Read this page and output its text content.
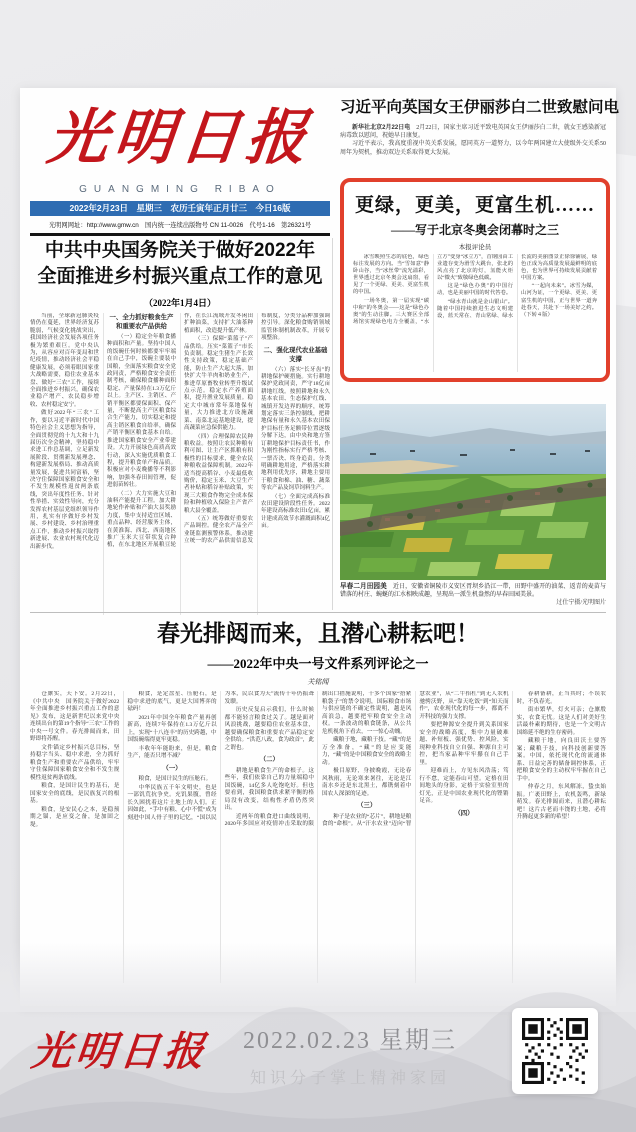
光明日报
GUANGMING RIBAO
2022年2月23日　星期三　农历壬寅年正月廿三　今日16版
光明网网址：http://www.gmw.cn　国内统一连续出版物号 CN 11-0026　代号1-16　第26321号
中共中央国务院关于做好2022年
全面推进乡村振兴重点工作的意见
（2022年1月4日）

当前，全球新冠肺炎疫情仍在蔓延，世界经济复苏脆弱，气候变化挑战突出，我国经济社会发展各项任务极为繁重艰巨。党中央认为，从容应对百年变局和世纪疫情，推动经济社会平稳健康发展，必须着眼国家重大战略需要，稳住农业基本盘、做好“三农”工作，接续全面推进乡村振兴，确保农业稳产增产、农民稳步增收、农村稳定安宁。

做好2022年“三农”工作，要以习近平新时代中国特色社会主义思想为指导，全面贯彻党的十九大和十九届历次全会精神，坚持稳中求进工作总基调，立足新发展阶段、贯彻新发展理念、构建新发展格局、推动高质量发展，促进共同富裕，坚决守住保障国家粮食安全和不发生规模性返贫两条底线，突出年度性任务、针对性举措、实效性导向，充分发挥农村基层党组织领导作用，扎实有序做好乡村发展、乡村建设、乡村治理重点工作，推动乡村振兴取得新进展、农业农村现代化迈出新步伐。

一、全力抓好粮食生产和重要农产品供给

（一）稳定全年粮食播种面积和产量。坚持中国人的饭碗任何时候都要牢牢端在自己手中，饭碗主要装中国粮，全面落实粮食安全党政同责，严格粮食安全责任制考核，确保粮食播种面积稳定、产量保持在1.3万亿斤以上。主产区、主销区、产销平衡区都要保面积、保产量，不断提高主产区粮食综合生产能力，切实稳定和提高主销区粮食自给率，确保产销平衡区粮食基本自给。推进国家粮食安全产业带建设。大力开展绿色高质高效行动，深入实施优质粮食工程，提升粮食单产和品质。积极应对小麦晚播等不利影响，加强冬春田间管理，促进弱苗转壮。

（二）大力实施大豆和油料产能提升工程。加大耕地轮作补贴和产油大县奖励力度，集中支持适宜区域、重点品种、经营服务主体，在黄淮海、西北、西南地区推广玉米大豆带状复合种植，在东北地区开展粮豆轮作，在长江流域开发冬闲田扩种油菜，支持扩大油茶种植面积，改造提升低产林。

（三）保障“菜篮子”产品供给。压实“菜篮子”市长负责制。稳定生猪生产长效性支持政策，稳定基础产能，防止生产大起大落。加快扩大牛羊肉和奶业生产，推进草原畜牧业转型升级试点示范。稳定水产养殖面积，提升渔业发展质量。稳定大中城市常年菜地保有量，大力推进北方设施蔬菜、南菜北运基地建设，提高蔬菜应急保供能力。

（四）合理保障农民种粮收益。按照让农民种粮有利可图、让主产区抓粮有积极性的目标要求，健全农民种粮收益保障机制。2022年适当提高稻谷、小麦最低收购价，稳定玉米、大豆生产者补贴和稻谷补贴政策，实现三大粮食作物完全成本保险和种植收入保险主产省产粮大县全覆盖。

（五）统筹做好重要农产品调控。健全农产品全产业链监测预警体系，推动建立统一的农产品供需信息发布制度，分类分品种加强调控引导。深化粮食购销领域监管体制机制改革，开展专项整治。

二、强化现代农业基础支撑

（六）落实“长牙齿”的耕地保护硬措施。实行耕地保护党政同责，严守18亿亩耕地红线。按照耕地和永久基本农田、生态保护红线、城镇开发边界的顺序，统筹划定落实三条控制线，把耕地保有量和永久基本农田保护目标任务足额带位置逐级分解下达，由中央和地方签订耕地保护目标责任书，作为刚性指标实行严格考核、一票否决、终身追责。分类明确耕地用途，严格落实耕地利用优先序，耕地主要用于粮食和棉、油、糖、蔬菜等农产品及饲草饲料生产。

（七）全面完成高标准农田建设阶段性任务。2022年建设高标准农田1亿亩，累计建成高效节水灌溉面积4亿亩。

习近平向英国女王伊丽莎白二世致慰问电

新华社北京2月22日电　 2月22日，国家主席习近平致电英国女王伊丽莎白二世，就女王感染新冠病毒致以慰问，祝她早日康复。

习近平表示，我高度重视中英关系发展，愿同英方一道努力，以今年两国建立大使级外交关系50周年为契机，推动双边关系取得更大发展。

更绿，更美，更富生机……
——写于北京冬奥会闭幕时之三
本报评论员

冰雪映照生态的底色，绿色标注发展的方向。当“雪如意”静卧山谷，当“冰丝带”流光溢彩，世界透过北京冬奥会这扇窗，看见了一个更绿、更美、更富生机的中国。

一场冬奥，第一届实现“碳中和”的冬奥会——这是“绿色办奥”的生动注脚。三大赛区全部场馆实现绿色电力全覆盖，“水立方”变身“冰立方”，首钢园由工业遗存变为滑雪大跳台，张北的风点亮了北京的灯，氢能火炬以“微火”致敬绿色低碳。

这是“绿色办奥”的中国行动，也是美丽中国的时代答卷。

“绿水青山就是金山银山”。随着中国持续推进生态文明建设，蓝天常在、青山常绿、绿水长流的美丽图景正徐徐铺展，绿色正成为高质量发展最鲜明的底色，也为世界可持续发展贡献着中国方案。

“一起向未来”。冰雪为媒，山河为证，一个更绿、更美、更富生机的中国，正与世界一道奔赴春天，共赴下一场美好之约。（下转４版）

早春二月田园美　 近日，安徽省铜陵市义安区胥坝乡沿江一带，田野中盛开的油菜、返青的麦苗与错落的村庄、蜿蜒的江水相映成趣，呈现出一派生机盎然的早春田园美景。
过仕宁摄/光明图片
春光排闼而来，且潜心耕耘吧！
——2022年中央一号文件系列评论之一
关铭闻

仓廪实，天下安。2月22日，《中共中央　国务院关于做好2022年全面推进乡村振兴重点工作的意见》发布，这是新世纪以来党中央连续出台的第19个指导“三农”工作的中央一号文件。春光排闼而来，田野即将苏醒。

文件锚定乡村振兴总目标，坚持稳字当头、稳中求进，全力抓好粮食生产和重要农产品供给，牢牢守住保障国家粮食安全和不发生规模性返贫两条底线。

粮食，是国计民生的基石，是国家安全的底线，是民族复兴的根基。

粮食，是安民心之本，是稳预期之锚，是应变之备，是加固之堤。

粮食，是定盘星、压舱石，是稳中求进的底气，更是大国博弈的砝码！

2021年中国全年粮食产量再创新高，连续7年保持在1.3万亿斤以上，实现“十八连丰”的历史跨越，中国饭碗端得更牢更稳。

丰收年年能盼来，但是，粮食生产，能否只增不减？

（一）

粮食，是国计民生的压舱石。

中华民族五千年文明史，也是一部饥荒抗争史。充饥果腹，曾经长久困扰着这片土地上的人们。正因如此，“手中有粮、心中不慌”成为刻进中国人骨子里的记忆，“国以民为本，民以食为天”流传千年仍振聋发聩。

历史反复启示我们，什么时候都不能轻言粮食过关了。越是面对风浪挑战，越要稳住农业基本盘，越要确保粮食和重要农产品稳定安全供给。“洪范八政，食为政首”，此之谓也。

（二）

耕地是粮食生产的命根子。这些年，我们依靠自己的力量端稳中国饭碗，14亿多人吃饱吃好。但也要看到，我国粮食供求紧平衡的格局没有改变，结构性矛盾仍然突出。

近两年的粮食进口曲线说明，2020年多国应对疫情冲击采取的限制出口措施说明，十多个国家“捂紧粮袋子”的禁令说明，国际粮食市场与供应链的不确定性说明，越是风高浪急，越要把牢粮食安全主动权。一条波动的粮食链条，从公共危机视角下看去，一一惊心动魄。

藏粮于地，藏粮于技。“藏”的是万全准备，“藏”的是应变能力，“藏”的是中国粮食安全的战略主动。

极目原野，身披晚霞，无论春风秋雨，无论寒来暑往，无论是江南水乡还是东北黑土，都镌刻着中国农人深深的足迹。

（三）

种子是农业的“芯片”，耕地是粮食的“命根”。从“汗水农业”迈向“智慧农业”，从“二牛抬杠”到无人农机驰骋沃野，从“靠天吃饭”到“知天而作”，农业现代化的每一步，都离不开科技的强力支撑。

要把种源安全提升到关系国家安全的战略高度，集中力量破难题、补短板、强优势、控风险，实现种业科技自立自强、种源自主可控，把当家品种牢牢攥在自己手里。

迎难而上，方见东风浩荡；笃行不怠，定能春山可望。定格在田间地头的身影，定格于实验室里的灯光，正是中国农业现代化的铿锵足音。

（四）

春耕备耕，正当其时；不误农时，不负春光。

街市繁华，灯火可亲；仓廪殷实，衣食无忧。这是人们对美好生活最朴素的期待，也是一个文明古国绵延不绝的生存密码。

藏粮于地，向良田沃土要答案；藏粮于技，向科技创新要答案。中国，依托现代化的流通体系、日益完善的储备调控体系，正把粮食安全的主动权牢牢握在自己手中。

仲春之月，东风解冻，蛰虫始振。广袤田野上，农机轰鸣，新绿萌发。春光排闼而来，且潜心耕耘吧！这片古老而丰饶的土地，必将升腾起更多新的希望！

光明日报	2022.02.23 星期三
知识分子掌上精神家园
